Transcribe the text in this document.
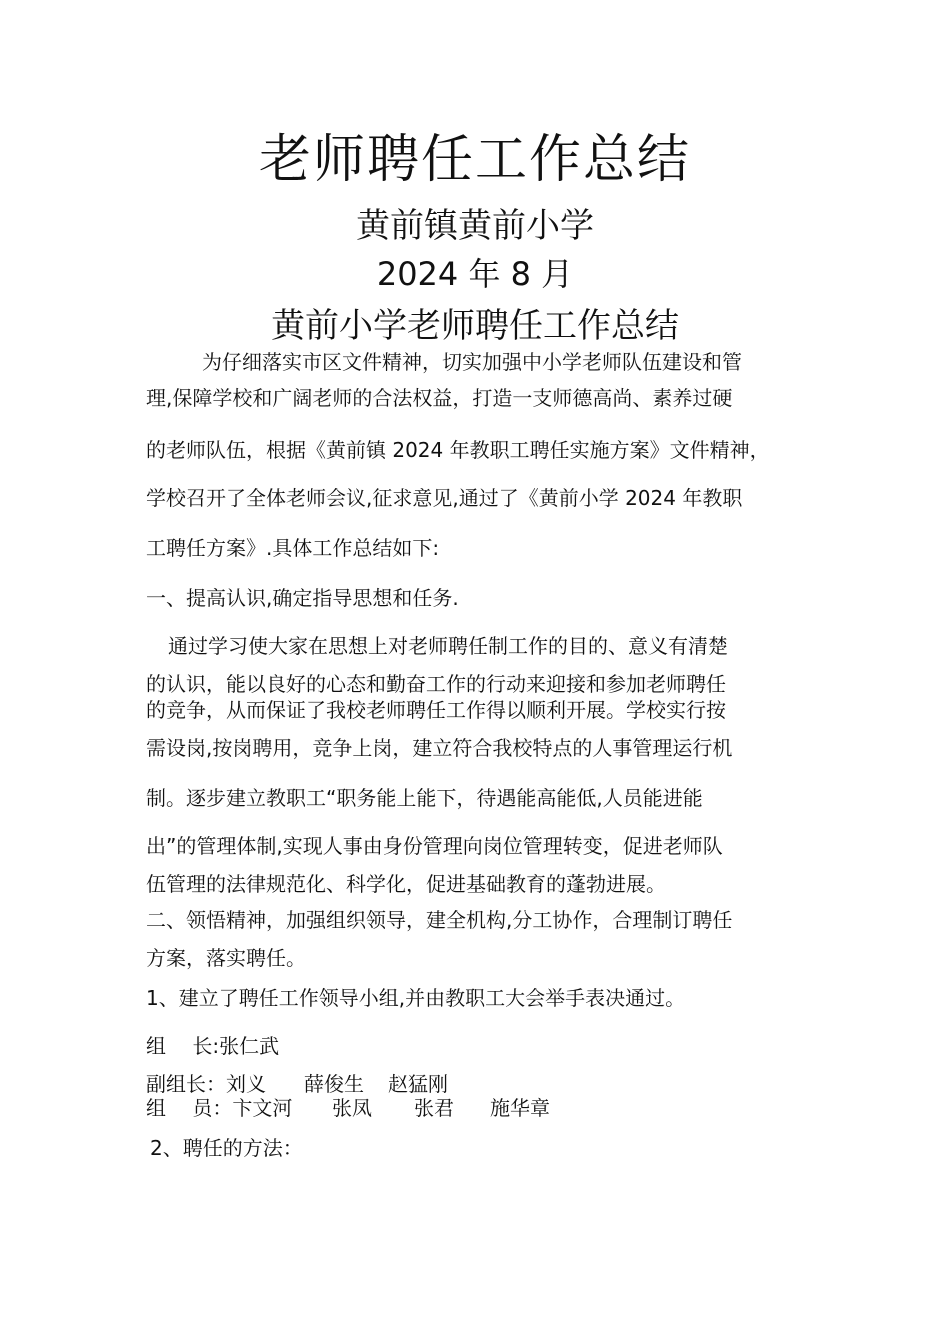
老师聘任工作总结
黄前镇黄前小学
2024 年 8 月
黄前小学老师聘任工作总结
为仔细落实市区文件精神，切实加强中小学老师队伍建设和管
理,保障学校和广阔老师的合法权益，打造一支师德高尚、素养过硬
的老师队伍，根据《黄前镇 2024 年教职工聘任实施方案》文件精神，
学校召开了全体老师会议,征求意见,通过了《黄前小学 2024 年教职
工聘任方案》.具体工作总结如下:
一、提高认识,确定指导思想和任务.
通过学习使大家在思想上对老师聘任制工作的目的、意义有清楚
的认识，能以良好的心态和勤奋工作的行动来迎接和参加老师聘任
的竞争，从而保证了我校老师聘任工作得以顺利开展。学校实行按
需设岗,按岗聘用，竞争上岗，建立符合我校特点的人事管理运行机
制。逐步建立教职工“职务能上能下，待遇能高能低,人员能进能
出”的管理体制,实现人事由身份管理向岗位管理转变，促进老师队
伍管理的法律规范化、科学化，促进基础教育的蓬勃进展。
二、领悟精神，加强组织领导，建全机构,分工协作，合理制订聘任
方案，落实聘任。
1、建立了聘任工作领导小组,并由教职工大会举手表决通过。
组　 长:张仁武
副组长：刘义 薛俊生 赵猛刚
组　 员：卞文河 张凤 张君 施华章
2、聘任的方法：
